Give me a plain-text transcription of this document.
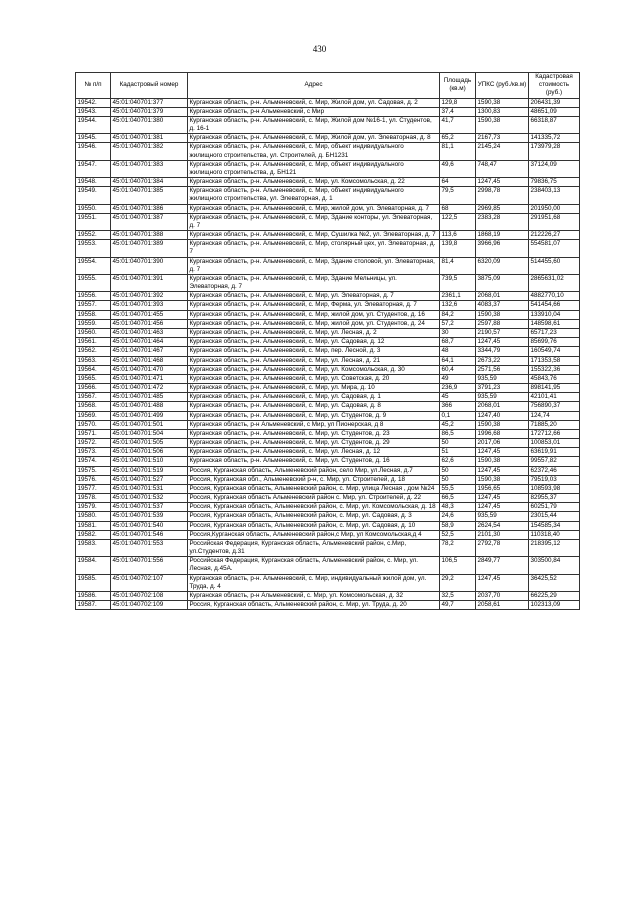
430
№ п/п	Кадастровый номер	Адрес	Площадь (кв.м)	УПКС (руб./кв.м)	Кадастровая стоимость (руб.)
19542.	45:01:040701:377	Курганская область, р-н. Альменевский, с. Мир, Жилой дом, ул. Садовая, д. 2	129,8	1590,38	206431,39
19543.	45:01:040701:379	Курганская область, р-н Альменевский, с Мир	37,4	1300,83	48651,09
19544.	45:01:040701:380	Курганская область, р-н. Альменевский, с. Мир, Жилой дом №16-1, ул. Студентов, д. 16-1	41,7	1590,38	66318,87
19545.	45:01:040701:381	Курганская область, р-н. Альменевский, с. Мир, Жилой дом, ул. Элеваторная, д. 8	65,2	2167,73	141335,72
19546.	45:01:040701:382	Курганская область, р-н. Альменевский, с. Мир, объект индивидуального жилищного строительства, ул. Строителей, д. БН1231	81,1	2145,24	173979,28
19547.	45:01:040701:383	Курганская область, р-н. Альменевский, с. Мир, объект индивидуального жилищного строительства, д. БН121	49,6	748,47	37124,09
19548.	45:01:040701:384	Курганская область, р-н. Альменевский, с. Мир, ул. Комсомольская, д. 22	64	1247,45	79836,75
19549.	45:01:040701:385	Курганская область, р-н. Альменевский, с. Мир, объект индивидуального жилищного строительства, ул. Элеваторная, д. 1	79,5	2998,78	238403,13
19550.	45:01:040701:386	Курганская область, р-н. Альменевский, с. Мир, жилой дом, ул. Элеваторная, д. 7	68	2969,85	201950,00
19551.	45:01:040701:387	Курганская область, р-н. Альменевский, с. Мир, Здание конторы, ул. Элеваторная, д. 7	122,5	2383,28	291951,68
19552.	45:01:040701:388	Курганская область, р-н. Альменевский, с. Мир, Сушилка №2, ул. Элеваторная, д. 7	113,6	1868,19	212226,27
19553.	45:01:040701:389	Курганская область, р-н. Альменевский, с. Мир, столярный цех, ул. Элеваторная, д. 7	139,8	3966,96	554581,07
19554.	45:01:040701:390	Курганская область, р-н. Альменевский, с. Мир, Здание столовой, ул. Элеваторная, д. 7	81,4	6320,09	514455,60
19555.	45:01:040701:391	Курганская область, р-н. Альменевский, с. Мир, Здание Мельницы, ул. Элеваторная, д. 7	739,5	3875,09	2865631,02
19556.	45:01:040701:392	Курганская область, р-н. Альменевский, с. Мир, ул. Элеваторная, д. 7	2361,1	2068,01	4882770,10
19557.	45:01:040701:393	Курганская область, р-н. Альменевский, с. Мир, Ферма, ул. Элеваторная, д. 7	132,6	4083,37	541454,66
19558.	45:01:040701:455	Курганская область, р-н. Альменевский, с. Мир, жилой дом, ул. Студентов, д. 16	84,2	1590,38	133910,04
19559.	45:01:040701:456	Курганская область, р-н. Альменевский, с. Мир, жилой дом, ул. Студентов, д. 24	57,2	2597,88	148598,61
19560.	45:01:040701:463	Курганская область, р-н. Альменевский, с. Мир, ул. Лесная, д. 2	30	2190,57	65717,23
19561.	45:01:040701:464	Курганская область, р-н. Альменевский, с. Мир, ул. Садовая, д. 12	68,7	1247,45	85699,76
19562.	45:01:040701:467	Курганская область, р-н. Альменевский, с. Мир, пер. Лесной, д. 3	48	3344,79	160549,74
19563.	45:01:040701:468	Курганская область, р-н. Альменевский, с. Мир, ул. Лесная, д. 21	64,1	2673,22	171353,58
19564.	45:01:040701:470	Курганская область, р-н. Альменевский, с. Мир, ул. Комсомольская, д. 30	60,4	2571,56	155322,36
19565.	45:01:040701:471	Курганская область, р-н. Альменевский, с. Мир, ул. Советская, д. 20	49	935,59	45843,76
19566.	45:01:040701:472	Курганская область, р-н. Альменевский, с. Мир, ул. Мира, д. 10	236,9	3791,23	898141,95
19567.	45:01:040701:485	Курганская область, р-н. Альменевский, с. Мир, ул. Садовая, д. 1	45	935,59	42101,41
19568.	45:01:040701:488	Курганская область, р-н. Альменевский, с. Мир, ул. Садовая, д. 8	366	2068,01	756890,37
19569.	45:01:040701:499	Курганская область, р-н. Альменевский, с. Мир, ул. Студентов, д. 9	0,1	1247,40	124,74
19570.	45:01:040701:501	Курганская область, р-н Альменевский, с Мир, ул Пионерская, д 8	45,2	1590,38	71885,20
19571.	45:01:040701:504	Курганская область, р-н. Альменевский, с. Мир, ул. Студентов, д. 23	86,5	1996,68	172712,66
19572.	45:01:040701:505	Курганская область, р-н. Альменевский, с. Мир, ул. Студентов, д. 29	50	2017,06	100853,01
19573.	45:01:040701:506	Курганская область, р-н. Альменевский, с. Мир, ул. Лесная, д. 12	51	1247,45	63619,91
19574.	45:01:040701:510	Курганская область, р-н. Альменевский, с. Мир, ул. Студентов, д. 16	62,6	1590,38	99557,82
19575.	45:01:040701:519	Россия, Курганская область, Альменевский район, село Мир, ул.Лесная, д.7	50	1247,45	62372,46
19576.	45:01:040701:527	Россия, Курганская обл., Альменевский р-н, с. Мир, ул. Строителей, д. 18	50	1590,38	79519,03
19577.	45:01:040701:531	Россия, Курганская область, Альменевский район, с. Мир, улица Лесная , дом №24	55,5	1956,65	108593,98
19578.	45:01:040701:532	Россия, Курганская область Альменевский район с. Мир, ул. Строителей, д. 22	66,5	1247,45	82955,37
19579.	45:01:040701:537	Россия, Курганская область, Альменевский район, с. Мир, ул. Комсомольская, д. 18	48,3	1247,45	60251,79
19580.	45:01:040701:539	Россия, Курганская область, Альменевский район, с. Мир, ул. Садовая, д. 3	24,6	935,59	23015,44
19581.	45:01:040701:540	Россия, Курганская область, Альменевский район, с. Мир, ул. Садовая, д. 10	58,9	2624,54	154585,34
19582.	45:01:040701:546	Россия,Курганская область, Альменевский район,с Мир, ул Комсомольская,д 4	52,5	2101,30	110318,40
19583.	45:01:040701:553	Российская Федерация, Курганская область, Альменевский район, с.Мир, ул.Студентов, д.31	78,2	2792,78	218395,12
19584.	45:01:040701:556	Российская Федерация, Курганская область, Альменевский район, с. Мир, ул. Лесная, д.45А.	106,5	2849,77	303500,84
19585.	45:01:040702:107	Курганская область, р-н. Альменевский, с. Мир, индивидуальный жилой дом, ул. Труда, д. 4	29,2	1247,45	36425,52
19586.	45:01:040702:108	Курганская область, р-н Альменевский, с. Мир, ул. Комсомольская, д. 32	32,5	2037,70	66225,29
19587.	45:01:040702:109	Россия, Курганская область, Альменевский район, с. Мир, ул. Труда, д. 20	49,7	2058,61	102313,09
